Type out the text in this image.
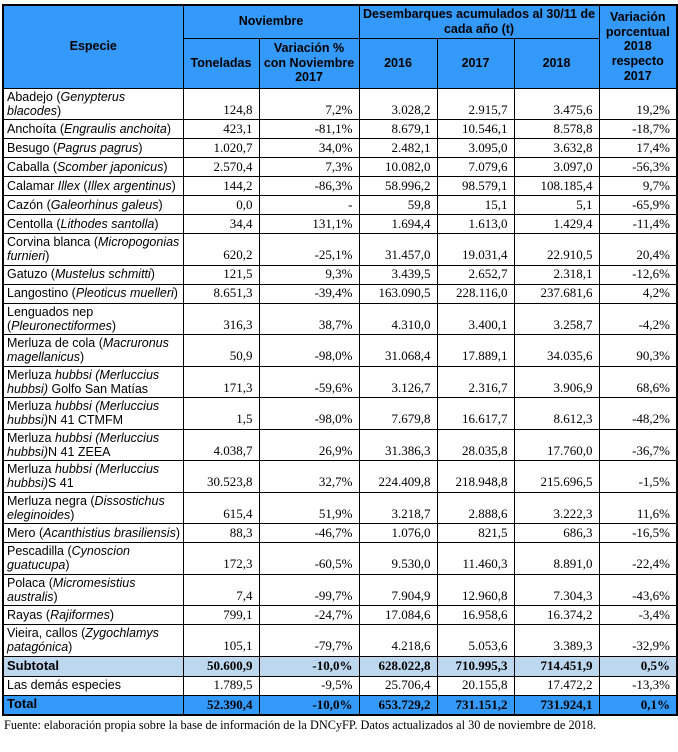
Especie	Noviembre		Desembarques acumulados al 30/11 de cada año (t)			Variación porcentual 2018 respecto 2017
	Toneladas	Variación % con Noviembre 2017	2016	2017	2018	
Abadejo (Genypterus blacodes)	124,8	7,2%	3.028,2	2.915,7	3.475,6	19,2%
Anchoíta (Engraulis anchoita)	423,1	-81,1%	8.679,1	10.546,1	8.578,8	-18,7%
Besugo (Pagrus pagrus)	1.020,7	34,0%	2.482,1	3.095,0	3.632,8	17,4%
Caballa (Scomber japonicus)	2.570,4	7,3%	10.082,0	7.079,6	3.097,0	-56,3%
Calamar Illex (Illex argentinus)	144,2	-86,3%	58.996,2	98.579,1	108.185,4	9,7%
Cazón (Galeorhinus galeus)	0,0	-	59,8	15,1	5,1	-65,9%
Centolla (Lithodes santolla)	34,4	131,1%	1.694,4	1.613,0	1.429,4	-11,4%
Corvina blanca (Micropogonias furnieri)	620,2	-25,1%	31.457,0	19.031,4	22.910,5	20,4%
Gatuzo (Mustelus schmitti)	121,5	9,3%	3.439,5	2.652,7	2.318,1	-12,6%
Langostino (Pleoticus muelleri)	8.651,3	-39,4%	163.090,5	228.116,0	237.681,6	4,2%
Lenguados nep (Pleuronectiformes)	316,3	38,7%	4.310,0	3.400,1	3.258,7	-4,2%
Merluza de cola (Macruronus magellanicus)	50,9	-98,0%	31.068,4	17.889,1	34.035,6	90,3%
Merluza hubbsi (Merluccius hubbsi) Golfo San Matías	171,3	-59,6%	3.126,7	2.316,7	3.906,9	68,6%
Merluza hubbsi (Merluccius hubbsi)N 41 CTMFM	1,5	-98,0%	7.679,8	16.617,7	8.612,3	-48,2%
Merluza hubbsi (Merluccius hubbsi)N 41 ZEEA	4.038,7	26,9%	31.386,3	28.035,8	17.760,0	-36,7%
Merluza hubbsi (Merluccius hubbsi)S 41	30.523,8	32,7%	224.409,8	218.948,8	215.696,5	-1,5%
Merluza negra (Dissostichus eleginoides)	615,4	51,9%	3.218,7	2.888,6	3.222,3	11,6%
Mero (Acanthistius brasiliensis)	88,3	-46,7%	1.076,0	821,5	686,3	-16,5%
Pescadilla (Cynoscion guatucupa)	172,3	-60,5%	9.530,0	11.460,3	8.891,0	-22,4%
Polaca (Micromesistius australis)	7,4	-99,7%	7.904,9	12.960,8	7.304,3	-43,6%
Rayas (Rajiformes)	799,1	-24,7%	17.084,6	16.958,6	16.374,2	-3,4%
Vieira, callos (Zygochlamys patagónica)	105,1	-79,7%	4.218,6	5.053,6	3.389,3	-32,9%
Subtotal	50.600,9	-10,0%	628.022,8	710.995,3	714.451,9	0,5%
Las demás especies	1.789,5	-9,5%	25.706,4	20.155,8	17.472,2	-13,3%
Total	52.390,4	-10,0%	653.729,2	731.151,2	731.924,1	0,1%
Fuente: elaboración propia sobre la base de información de la DNCyFP. Datos actualizados al 30 de noviembre de 2018.
